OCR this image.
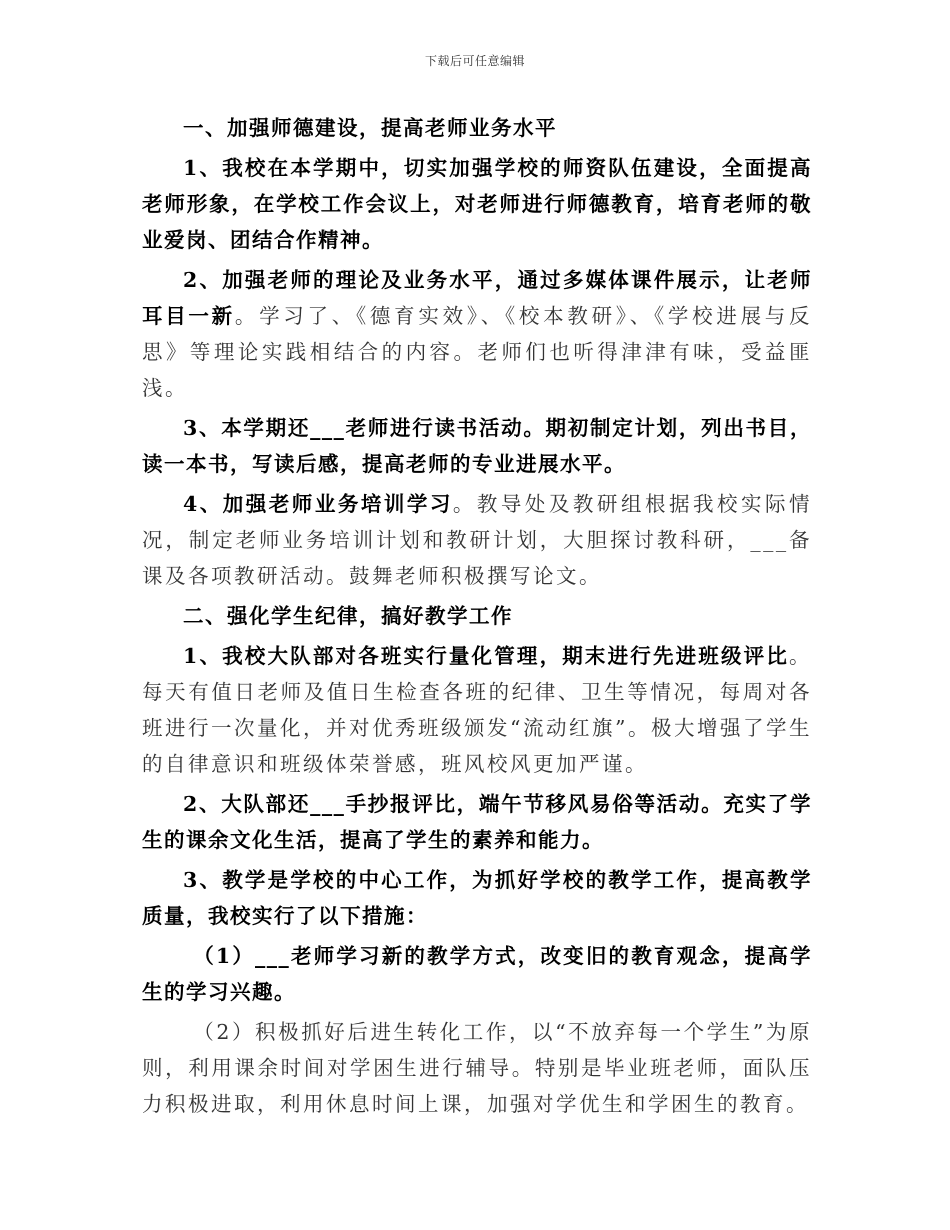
下载后可任意编辑

一、加强师德建设，提高老师业务水平

1、我校在本学期中，切实加强学校的师资队伍建设，全面提高老师形象，在学校工作会议上，对老师进行师德教育，培育老师的敬业爱岗、团结合作精神。

2、加强老师的理论及业务水平，通过多媒体课件展示，让老师耳目一新。学习了、《德育实效》、《校本教研》、《学校进展与反思》等理论实践相结合的内容。老师们也听得津津有味，受益匪浅。

3、本学期还___老师进行读书活动。期初制定计划，列出书目，读一本书，写读后感，提高老师的专业进展水平。

4、加强老师业务培训学习。教导处及教研组根据我校实际情况，制定老师业务培训计划和教研计划，大胆探讨教科研，___备课及各项教研活动。鼓舞老师积极撰写论文。

二、强化学生纪律，搞好教学工作

1、我校大队部对各班实行量化管理，期末进行先进班级评比。每天有值日老师及值日生检查各班的纪律、卫生等情况，每周对各班进行一次量化，并对优秀班级颁发“流动红旗”。极大增强了学生的自律意识和班级体荣誉感，班风校风更加严谨。

2、大队部还___手抄报评比，端午节移风易俗等活动。充实了学生的课余文化生活，提高了学生的素养和能力。

3、教学是学校的中心工作，为抓好学校的教学工作，提高教学质量，我校实行了以下措施：

（1）___老师学习新的教学方式，改变旧的教育观念，提高学生的学习兴趣。

（2）积极抓好后进生转化工作，以“不放弃每一个学生”为原则，利用课余时间对学困生进行辅导。特别是毕业班老师，面队压力积极进取，利用休息时间上课，加强对学优生和学困生的教育。
